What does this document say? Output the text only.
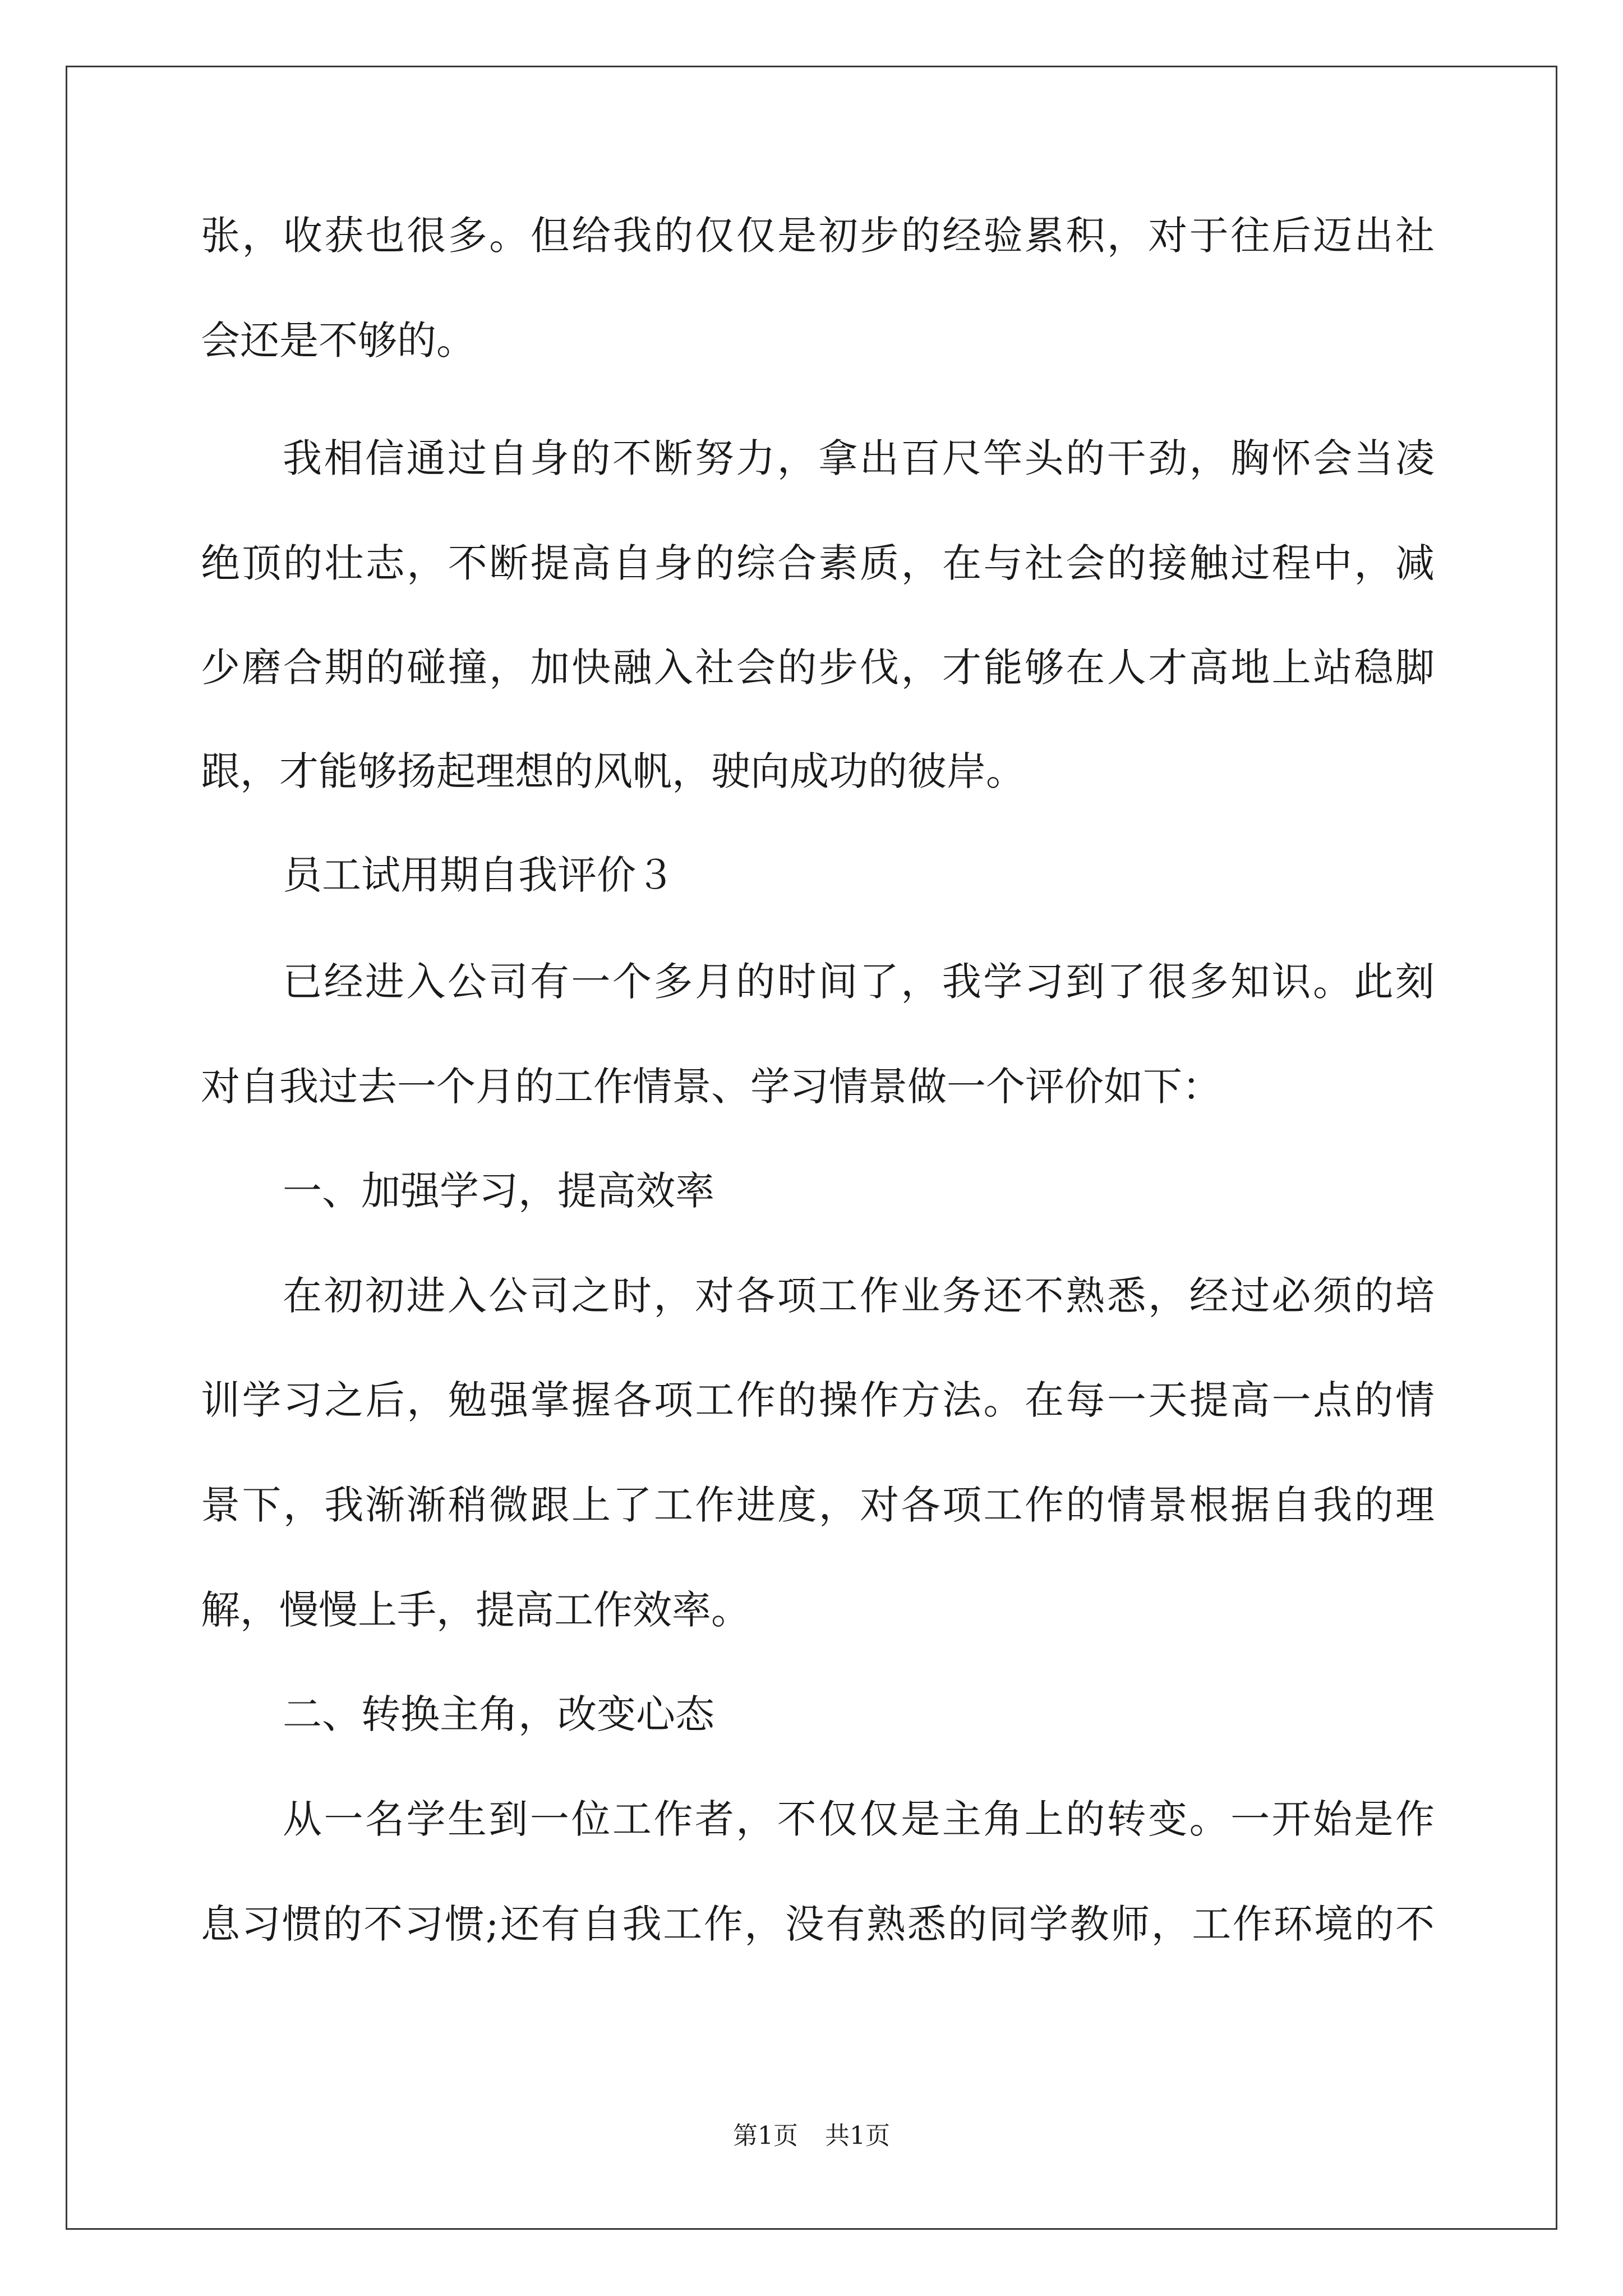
张，收获也很多。但给我的仅仅是初步的经验累积，对于往后迈出社
会还是不够的。
我相信通过自身的不断努力，拿出百尺竿头的干劲，胸怀会当凌
绝顶的壮志，不断提高自身的综合素质，在与社会的接触过程中，减
少磨合期的碰撞，加快融入社会的步伐，才能够在人才高地上站稳脚
跟，才能够扬起理想的风帆，驶向成功的彼岸。
员工试用期自我评价３
已经进入公司有一个多月的时间了，我学习到了很多知识。此刻
对自我过去一个月的工作情景、学习情景做一个评价如下：
一、加强学习，提高效率
在初初进入公司之时，对各项工作业务还不熟悉，经过必须的培
训学习之后，勉强掌握各项工作的操作方法。在每一天提高一点的情
景下，我渐渐稍微跟上了工作进度，对各项工作的情景根据自我的理
解，慢慢上手，提高工作效率。
二、转换主角，改变心态
从一名学生到一位工作者，不仅仅是主角上的转变。一开始是作
息习惯的不习惯;还有自我工作，没有熟悉的同学教师，工作环境的不
第1页 共1页
